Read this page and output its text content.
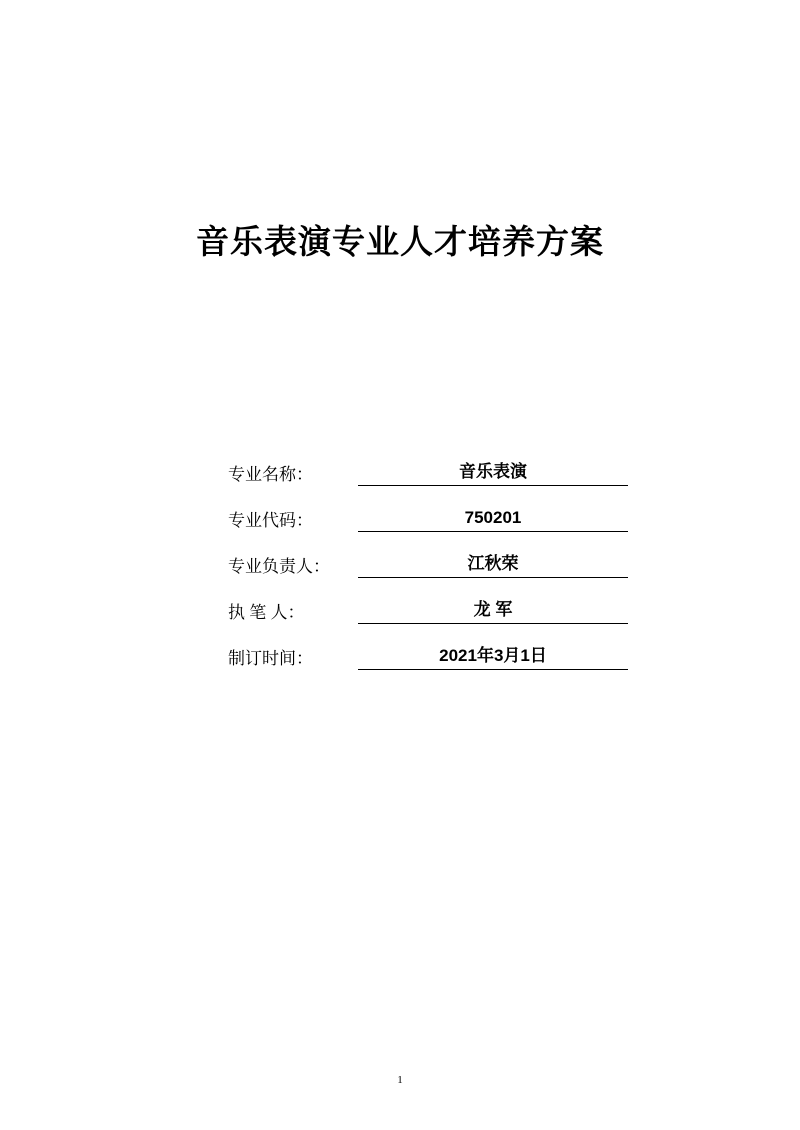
音乐表演专业人才培养方案
专业名称：	音乐表演
专业代码：	750201
专业负责人：	江秋荣
执 笔 人：	龙 军
制订时间：	2021年3月1日
1
